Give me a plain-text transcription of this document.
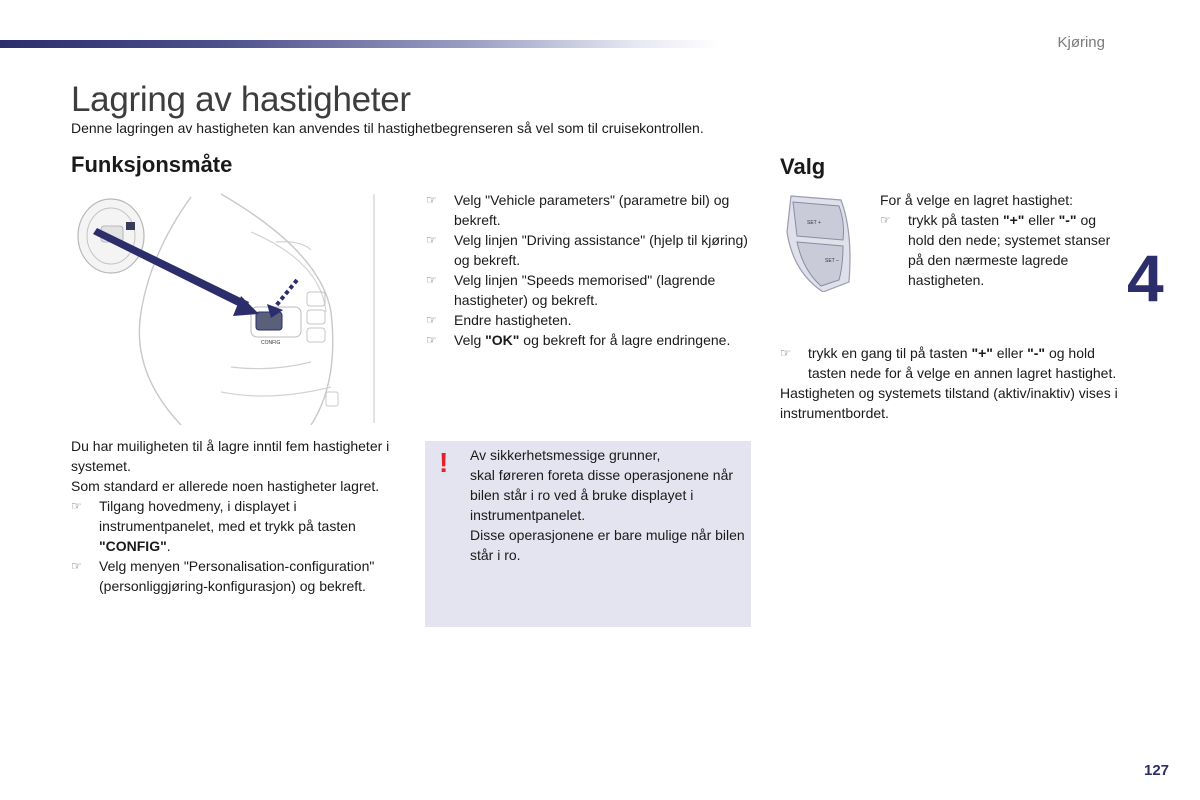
Kjøring
4
127
Lagring av hastigheter

Denne lagringen av hastigheten kan anvendes til hastighetbegrenseren så vel som til cruisekontrollen.

Funksjonsmåte
CONFIG

Du har muiligheten til å lagre inntil fem hastigheter i systemet.

Som standard er allerede noen hastigheter lagret.

☞ Tilgang hovedmeny, i displayet i instrumentpanelet, med et trykk på tasten "CONFIG".
☞ Velg menyen "Personalisation-configuration" (personliggjøring-konfigurasjon) og bekreft.
☞ Velg "Vehicle parameters" (parametre bil) og bekreft.
☞ Velg linjen "Driving assistance" (hjelp til kjøring) og bekreft.
☞ Velg linjen "Speeds memorised" (lagrende hastigheter) og bekreft.
☞ Endre hastigheten.
☞ Velg "OK" og bekreft for å lagre endringene.
! Av sikkerhetsmessige grunner,
skal føreren foreta disse operasjonene når bilen står i ro ved å bruke displayet i instrumentpanelet.
Disse operasjonene er bare mulige når bilen står i ro.

Valg
SET +
SET –

For å velge en lagret hastighet:

☞ trykk på tasten "+" eller "-" og hold den nede; systemet stanser på den nærmeste lagrede hastigheten.
☞ trykk en gang til på tasten "+" eller "-" og hold tasten nede for å velge en annen lagret hastighet.

Hastigheten og systemets tilstand (aktiv/inaktiv) vises i instrumentbordet.
